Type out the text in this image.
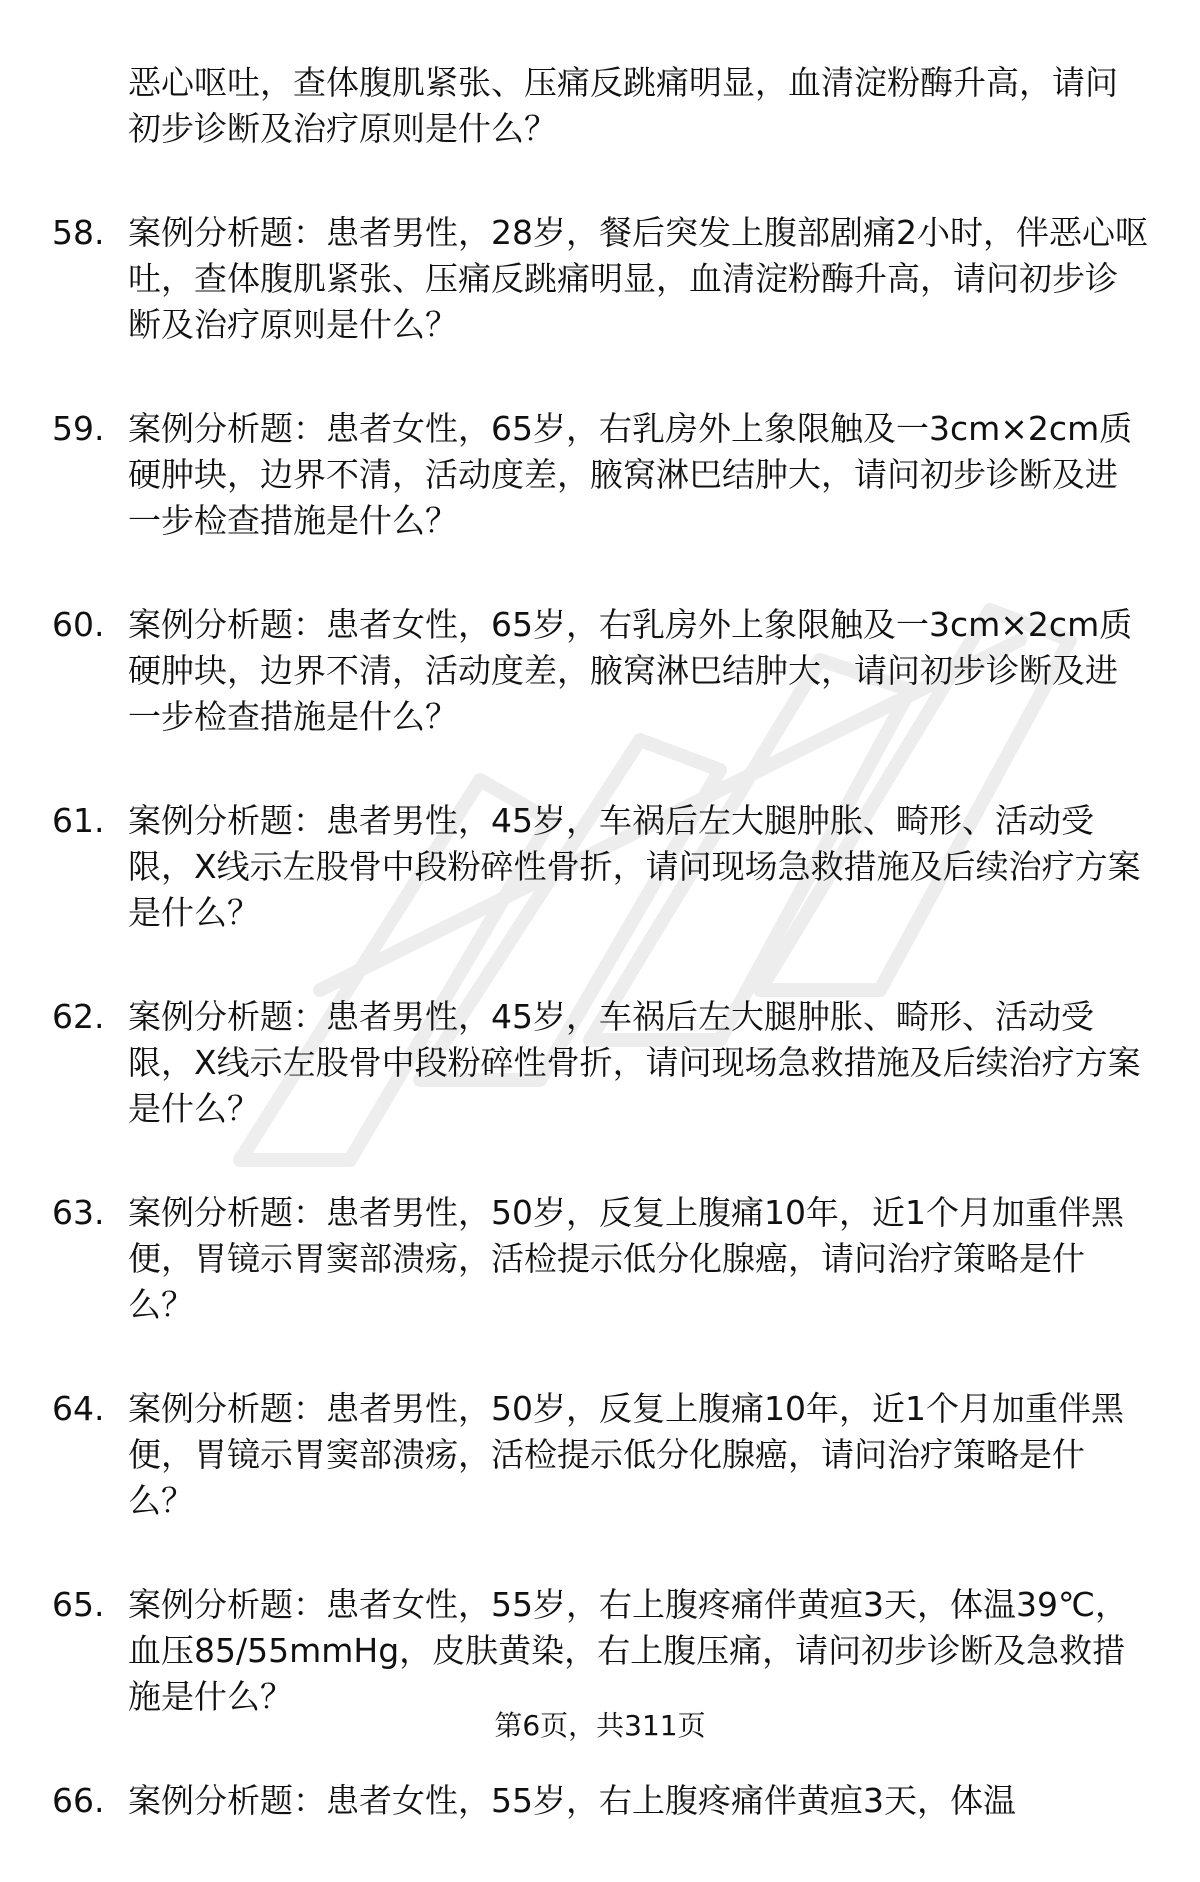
恶心呕吐，查体腹肌紧张、压痛反跳痛明显，血清淀粉酶升高，请问初步诊断及治疗原则是什么？
58. 案例分析题：患者男性，28岁，餐后突发上腹部剧痛2小时，伴恶心呕吐，查体腹肌紧张、压痛反跳痛明显，血清淀粉酶升高，请问初步诊断及治疗原则是什么？
59. 案例分析题：患者女性，65岁，右乳房外上象限触及一3cm×2cm质硬肿块，边界不清，活动度差，腋窝淋巴结肿大，请问初步诊断及进一步检查措施是什么？
60. 案例分析题：患者女性，65岁，右乳房外上象限触及一3cm×2cm质硬肿块，边界不清，活动度差，腋窝淋巴结肿大，请问初步诊断及进一步检查措施是什么？
61. 案例分析题：患者男性，45岁，车祸后左大腿肿胀、畸形、活动受限，X线示左股骨中段粉碎性骨折，请问现场急救措施及后续治疗方案是什么？
62. 案例分析题：患者男性，45岁，车祸后左大腿肿胀、畸形、活动受限，X线示左股骨中段粉碎性骨折，请问现场急救措施及后续治疗方案是什么？
63. 案例分析题：患者男性，50岁，反复上腹痛10年，近1个月加重伴黑便，胃镜示胃窦部溃疡，活检提示低分化腺癌，请问治疗策略是什么？
64. 案例分析题：患者男性，50岁，反复上腹痛10年，近1个月加重伴黑便，胃镜示胃窦部溃疡，活检提示低分化腺癌，请问治疗策略是什么？
65. 案例分析题：患者女性，55岁，右上腹疼痛伴黄疸3天，体温39℃，血压85/55mmHg，皮肤黄染，右上腹压痛，请问初步诊断及急救措施是什么？
66. 案例分析题：患者女性，55岁，右上腹疼痛伴黄疸3天，体温
第6页，共311页
